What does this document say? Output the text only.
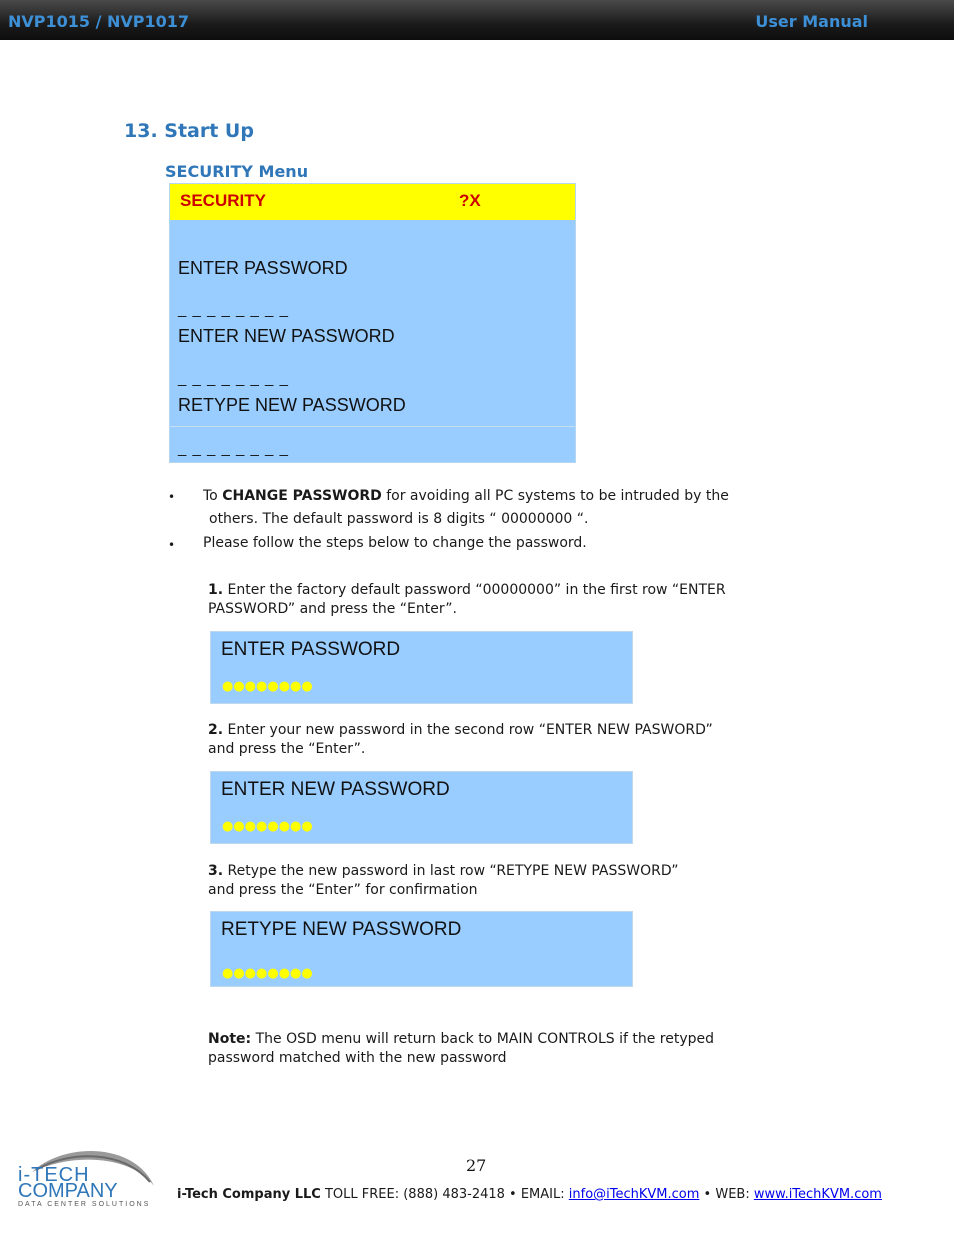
NVP1015 / NVP1017	User Manual
13. Start Up
SECURITY Menu
SECURITY	?X
ENTER PASSWORD
_ _ _ _ _ _ _ _
ENTER NEW PASSWORD
_ _ _ _ _ _ _ _
RETYPE NEW PASSWORD
_ _ _ _ _ _ _ _
• To CHANGE PASSWORD for avoiding all PC systems to be intruded by the
others. The default password is 8 digits “ 00000000 “.
• Please follow the steps below to change the password.
1. Enter the factory default password “00000000” in the first row “ENTER
PASSWORD” and press the “Enter”.
ENTER PASSWORD
●●●●●●●●
2. Enter your new password in the second row “ENTER NEW PASWORD”
and press the “Enter”.
ENTER NEW PASSWORD
●●●●●●●●
3. Retype the new password in last row “RETYPE NEW PASSWORD”
and press the “Enter” for confirmation
RETYPE NEW PASSWORD
●●●●●●●●
Note: The OSD menu will return back to MAIN CONTROLS if the retyped
password matched with the new password
i-TECH
COMPANY
DATA CENTER SOLUTIONS
27
i-Tech Company LLC TOLL FREE: (888) 483-2418 • EMAIL: info@iTechKVM.com • WEB: www.iTechKVM.com
